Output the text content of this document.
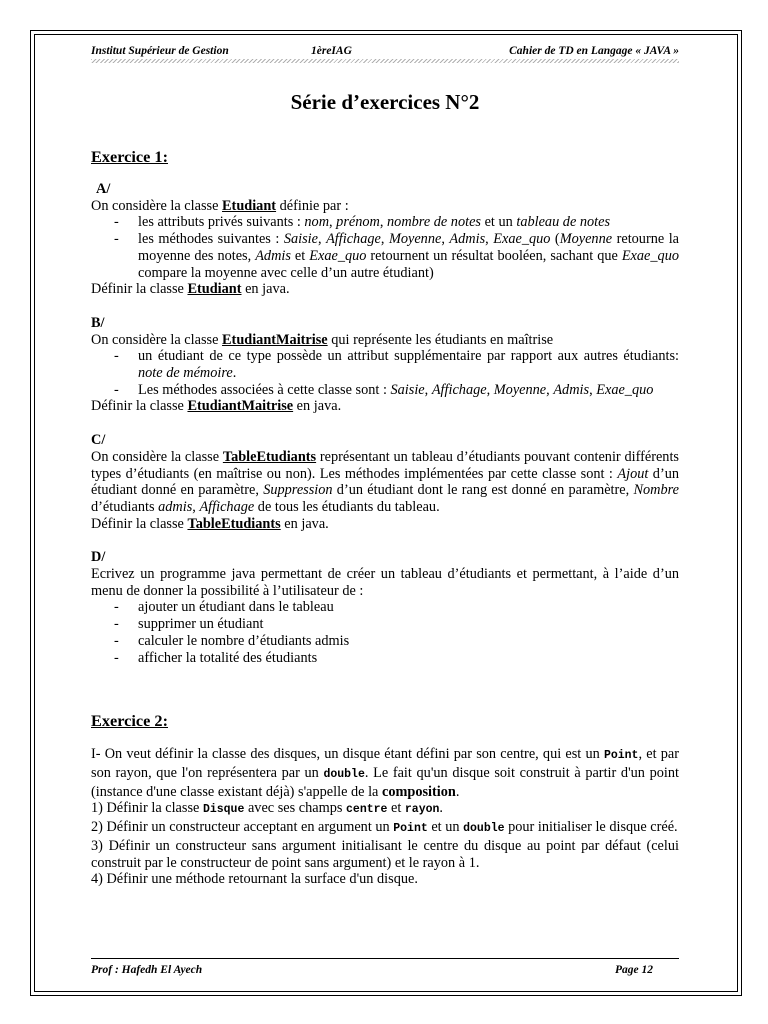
Institut Supérieur de Gestion	1èreIAG	Cahier de TD en Langage « JAVA »
Série d’exercices N°2
Exercice 1:

A/

On considère la classe Etudiant définie par :

- les attributs privés suivants : nom, prénom, nombre de notes et un tableau de notes
- les méthodes suivantes : Saisie, Affichage, Moyenne, Admis, Exae_quo (Moyenne retourne la moyenne des notes, Admis et Exae_quo retournent un résultat booléen, sachant que Exae_quo compare la moyenne avec celle d’un autre étudiant)

Définir la classe Etudiant en java.

B/

On considère la classe EtudiantMaitrise qui représente les étudiants en maîtrise

- un étudiant de ce type possède un attribut supplémentaire par rapport aux autres étudiants: note de mémoire.
- Les méthodes associées à cette classe sont : Saisie, Affichage, Moyenne, Admis, Exae_quo

Définir la classe EtudiantMaitrise en java.

C/

On considère la classe TableEtudiants représentant un tableau d’étudiants pouvant contenir différents types d’étudiants (en maîtrise ou non). Les méthodes implémentées par cette classe sont : Ajout d’un étudiant donné en paramètre, Suppression d’un étudiant dont le rang est donné en paramètre, Nombre d’étudiants admis, Affichage de tous les étudiants du tableau.

Définir la classe TableEtudiants en java.

D/

Ecrivez un programme java permettant de créer un tableau d’étudiants et permettant, à l’aide d’un menu de donner la possibilité à l’utilisateur de :

- ajouter un étudiant dans le tableau
- supprimer un étudiant
- calculer le nombre d’étudiants admis
- afficher la totalité des étudiants
Exercice 2:

I- On veut définir la classe des disques, un disque étant défini par son centre, qui est un Point, et par son rayon, que l'on représentera par un double. Le fait qu'un disque soit construit à partir d'un point (instance d'une classe existant déjà) s'appelle de la composition.

1) Définir la classe Disque avec ses champs centre et rayon.

2) Définir un constructeur acceptant en argument un Point et un double pour initialiser le disque créé.

3) Définir un constructeur sans argument initialisant le centre du disque au point par défaut (celui construit par le constructeur de point sans argument) et le rayon à 1.

4) Définir une méthode retournant la surface d'un disque.

Prof : Hafedh El Ayech	Page 12
